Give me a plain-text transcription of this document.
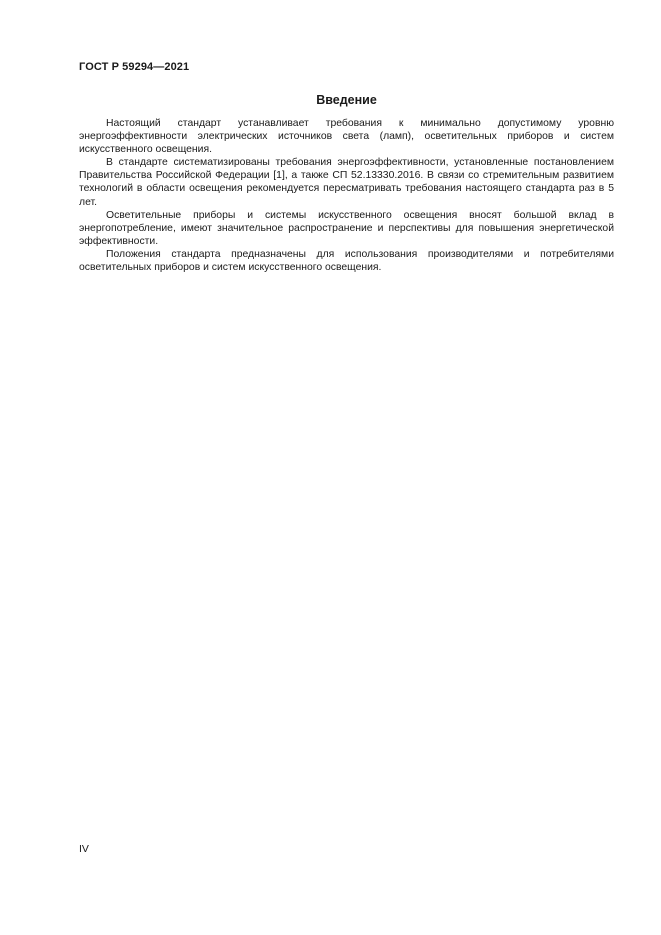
ГОСТ Р 59294—2021
Введение

Настоящий стандарт устанавливает требования к минимально допустимому уровню энергоэффективности электрических источников света (ламп), осветительных приборов и систем искусственного освещения.

В стандарте систематизированы требования энергоэффективности, установленные постановлением Правительства Российской Федерации [1], а также СП 52.13330.2016. В связи со стремительным развитием технологий в области освещения рекомендуется пересматривать требования настоящего стандарта раз в 5 лет.

Осветительные приборы и системы искусственного освещения вносят большой вклад в энергопотребление, имеют значительное распространение и перспективы для повышения энергетической эффективности.

Положения стандарта предназначены для использования производителями и потребителями осветительных приборов и систем искусственного освещения.

IV
